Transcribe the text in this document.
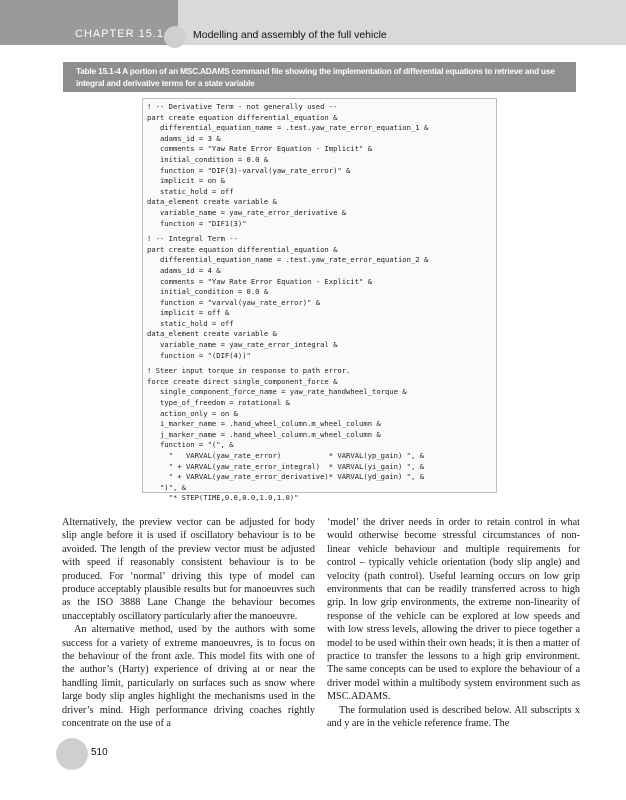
CHAPTER 15.1	Modelling and assembly of the full vehicle
Table 15.1-4 A portion of an MSC.ADAMS command file showing the implementation of differential equations to retrieve and use integral and derivative terms for a state variable
! -- Derivative Term - not generally used --
part create equation differential_equation &
differential_equation_name = .test.yaw_rate_error_equation_1 &
adams_id = 3 &
comments = "Yaw Rate Error Equation - Implicit" &
initial_condition = 0.0 &
function = "DIF(3)-varval(yaw_rate_error)" &
implicit = on &
static_hold = off
data_element create variable &
variable_name = yaw_rate_error_derivative &
function = "DIF1(3)"
! -- Integral Term --
part create equation differential_equation &
differential_equation_name = .test.yaw_rate_error_equation_2 &
adams_id = 4 &
comments = "Yaw Rate Error Equation - Explicit" &
initial_condition = 0.0 &
function = "varval(yaw_rate_error)" &
implicit = off &
static_hold = off
data_element create variable &
variable_name = yaw_rate_error_integral &
function = "(DIF(4))"
! Steer input torque in response to path error.
force create direct single_component_force &
single_component_force_name = yaw_rate_handwheel_torque &
type_of_freedom = rotational &
action_only = on &
i_marker_name = .hand_wheel_column.m_wheel_column &
j_marker_name = .hand_wheel_column.m_wheel_column &
function = "(", &
"   VARVAL(yaw_rate_error)           * VARVAL(yp_gain) ", &
" + VARVAL(yaw_rate_error_integral)  * VARVAL(yi_gain) ", &
" + VARVAL(yaw_rate_error_derivative)* VARVAL(yd_gain) ", &
")", &
"* STEP(TIME,0.0,0.0,1.0,1.0)"

Alternatively, the preview vector can be adjusted for body slip angle before it is used if oscillatory behaviour is to be avoided. The length of the preview vector must be adjusted with speed if reasonably consistent behaviour is to be produced. For ‘normal’ driving this type of model can produce acceptably plausible results but for manoeuvres such as the ISO 3888 Lane Change the behaviour becomes unacceptably oscillatory particularly after the manoeuvre.

An alternative method, used by the authors with some success for a variety of extreme manoeuvres, is to focus on the behaviour of the front axle. This model fits with one of the author’s (Harty) experience of driving at or near the handling limit, particularly on surfaces such as snow where large body slip angles highlight the mechanisms used in the driver’s mind. High performance driving coaches rightly concentrate on the use of a

‘model’ the driver needs in order to retain control in what would otherwise become stressful circumstances of non-linear vehicle behaviour and multiple requirements for control – typically vehicle orientation (body slip angle) and velocity (path control). Useful learning occurs on low grip environments that can be readily transferred across to high grip. In low grip environments, the extreme non-linearity of response of the vehicle can be explored at low speeds and with low stress levels, allowing the driver to piece together a model to be used within their own heads; it is then a matter of practice to transfer the lessons to a high grip environment. The same concepts can be used to explore the behaviour of a driver model within a multibody system environment such as MSC.ADAMS.

The formulation used is described below. All subscripts x and y are in the vehicle reference frame. The

510
